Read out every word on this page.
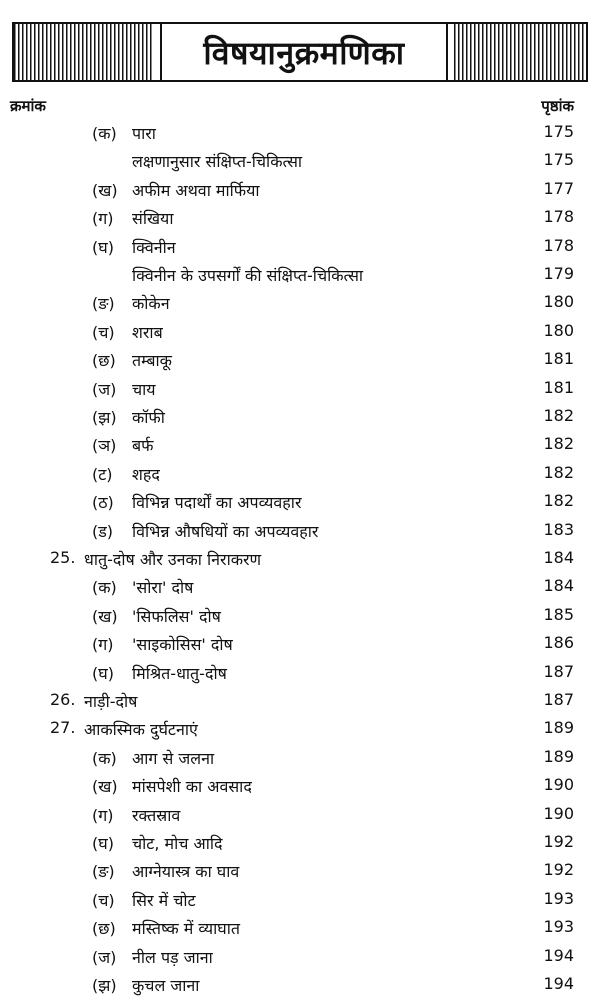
विषयानुक्रमणिका
क्रमांक	पृष्ठांक
(क) पारा	175
लक्षणानुसार संक्षिप्त-चिकित्सा	175
(ख) अफीम अथवा मार्फिया	177
(ग) संखिया	178
(घ) क्विनीन	178
क्विनीन के उपसर्गों की संक्षिप्त-चिकित्सा	179
(ङ) कोकेन	180
(च) शराब	180
(छ) तम्बाकू	181
(ज) चाय	181
(झ) कॉफी	182
(ञ) बर्फ	182
(ट) शहद	182
(ठ) विभिन्न पदार्थों का अपव्यवहार	182
(ड) विभिन्न औषधियों का अपव्यवहार	183
25. धातु-दोष और उनका निराकरण	184
(क) 'सोरा' दोष	184
(ख) 'सिफलिस' दोष	185
(ग) 'साइकोसिस' दोष	186
(घ) मिश्रित-धातु-दोष	187
26. नाड़ी-दोष	187
27. आकस्मिक दुर्घटनाएं	189
(क) आग से जलना	189
(ख) मांसपेशी का अवसाद	190
(ग) रक्तस्राव	190
(घ) चोट, मोच आदि	192
(ङ) आग्नेयास्त्र का घाव	192
(च) सिर में चोट	193
(छ) मस्तिष्क में व्याघात	193
(ज) नील पड़ जाना	194
(झ) कुचल जाना	194
